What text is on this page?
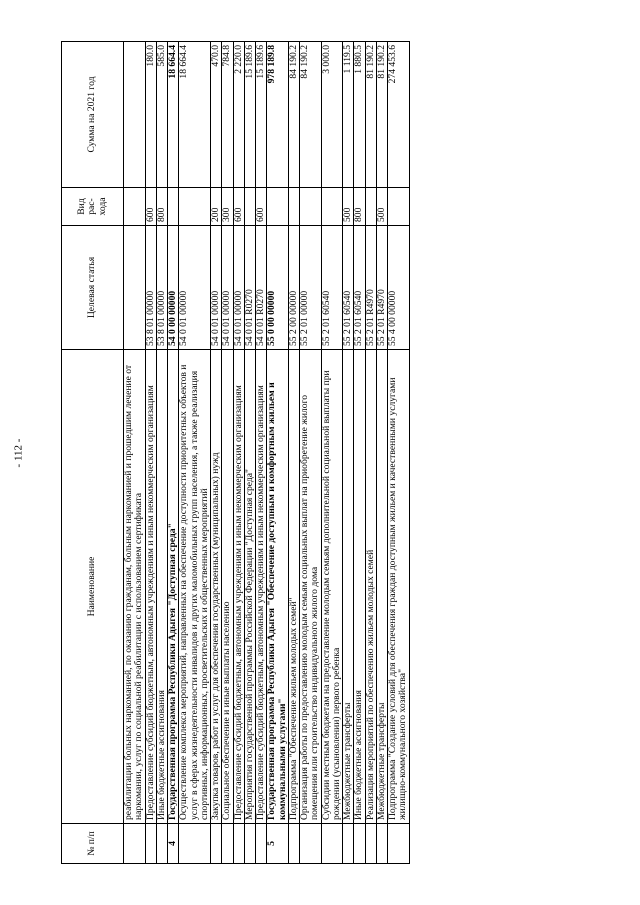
- 112 -
№ п/п	Наименование	Целевая статья	Вид рас-хода	Сумма на 2021 год
	реабилитации больных наркоманией, по оказанию гражданам, больным наркоманией и прошедшим лечение от наркомании, услуг по социальной реабилитации с использованием сертификата			
	Предоставление субсидий бюджетным, автономным учреждениям и иным некоммерческим организациям	53 8 01 00000	600	180.0
	Иные бюджетные ассигнования	53 8 01 00000	800	585.0
4	Государственная программа Республики Адыгея "Доступная среда"	54 0 00 00000		18 664.4
	Осуществление комплекса мероприятий, направленных на обеспечение доступности приоритетных объектов и услуг в сферах жизнедеятельности инвалидов и других маломобильных групп населения, а также реализация спортивных, информационных, просветительских и общественных мероприятий	54 0 01 00000		18 664.4
	Закупка товаров, работ и услуг для обеспечения государственных (муниципальных) нужд	54 0 01 00000	200	470.0
	Социальное обеспечение и иные выплаты населению	54 0 01 00000	300	784.8
	Предоставление субсидий бюджетным, автономным учреждениям и иным некоммерческим организациям	54 0 01 00000	600	2 220.0
	Мероприятия государственной программы Российской Федерации "Доступная среда"	54 0 01 R0270		15 189.6
	Предоставление субсидий бюджетным, автономным учреждениям и иным некоммерческим организациям	54 0 01 R0270	600	15 189.6
5	Государственная программа Республики Адыгея "Обеспечение доступным и комфортным жильем и коммунальными услугами"	55 0 00 00000		978 189.8
	Подпрограмма "Обеспечение жильем молодых семей"	55 2 00 00000		84 190.2
	Организация работы по предоставлению молодым семьям социальных выплат на приобретение жилого помещения или строительство индивидуального жилого дома	55 2 01 00000		84 190.2
	Субсидии местным бюджетам на предоставление молодым семьям дополнительной социальной выплаты при рождении (усыновлении) первого ребенка	55 2 01 60540		3 000.0
	Межбюджетные трансферты	55 2 01 60540	500	1 119.5
	Иные бюджетные ассигнования	55 2 01 60540	800	1 880.5
	Реализация мероприятий по обеспечению жильем молодых семей	55 2 01 R4970		81 190.2
	Межбюджетные трансферты	55 2 01 R4970	500	81 190.2
	Подпрограмма "Создание условий для обеспечения граждан доступным жильем и качественными услугами жилищно-коммунального хозяйства"	55 4 00 00000		274 453.6
